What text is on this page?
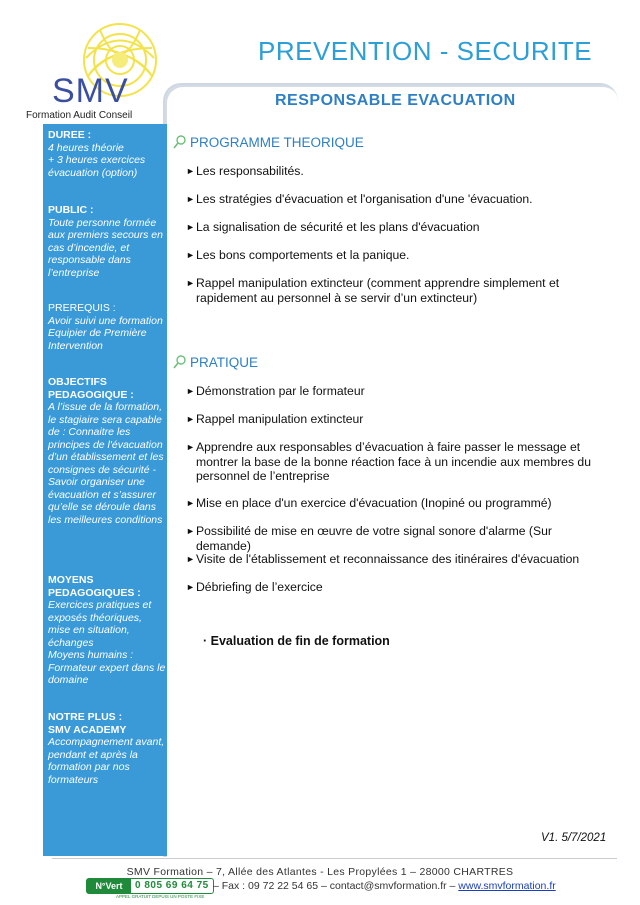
SMV
Formation Audit Conseil
PREVENTION - SECURITE
RESPONSABLE EVACUATION
DUREE :
4 heures théorie
+ 3 heures exercices évacuation (option)
PUBLIC :
Toute personne formée aux premiers secours en cas d’incendie, et responsable dans l’entreprise
PREREQUIS :
Avoir suivi une formation Equipier de Première Intervention
OBJECTIFS PEDAGOGIQUE :
A l’issue de la formation, le stagiaire sera capable de : Connaitre les principes de l'évacuation d’un établissement et les consignes de sécurité - Savoir organiser une évacuation et s’assurer qu’elle se déroule dans les meilleures conditions
MOYENS PEDAGOGIQUES :
Exercices pratiques et exposés théoriques, mise en situation, échanges
Moyens humains : Formateur expert dans le domaine
NOTRE PLUS :
SMV ACADEMY
Accompagnement avant, pendant et après la formation par nos formateurs
PROGRAMME THEORIQUE
► Les responsabilités.
► Les stratégies d'évacuation et l'organisation d'une 'évacuation.
► La signalisation de sécurité et les plans d'évacuation
► Les bons comportements et la panique.
► Rappel manipulation extincteur (comment apprendre simplement et rapidement au personnel à se servir d’un extincteur)
PRATIQUE
► Démonstration par le formateur
► Rappel manipulation extincteur
► Apprendre aux responsables d’évacuation à faire passer le message et montrer la base de la bonne réaction face à un incendie aux membres du personnel de l’entreprise
► Mise en place d'un exercice d'évacuation (Inopiné ou programmé)
► Possibilité de mise en œuvre de votre signal sonore d'alarme (Sur demande)
► Visite de l'établissement et reconnaissance des itinéraires d'évacuation
► Débriefing de l’exercice
· Evaluation de fin de formation
V1. 5/7/2021
SMV Formation – 7, Allée des Atlantes - Les Propylées 1 – 28000 CHARTRES
N°Vert	0 805 69 64 75
APPEL GRATUIT DEPUIS UN POSTE FIXE
– Fax : 09 72 22 54 65 – contact@smvformation.fr – www.smvformation.fr
